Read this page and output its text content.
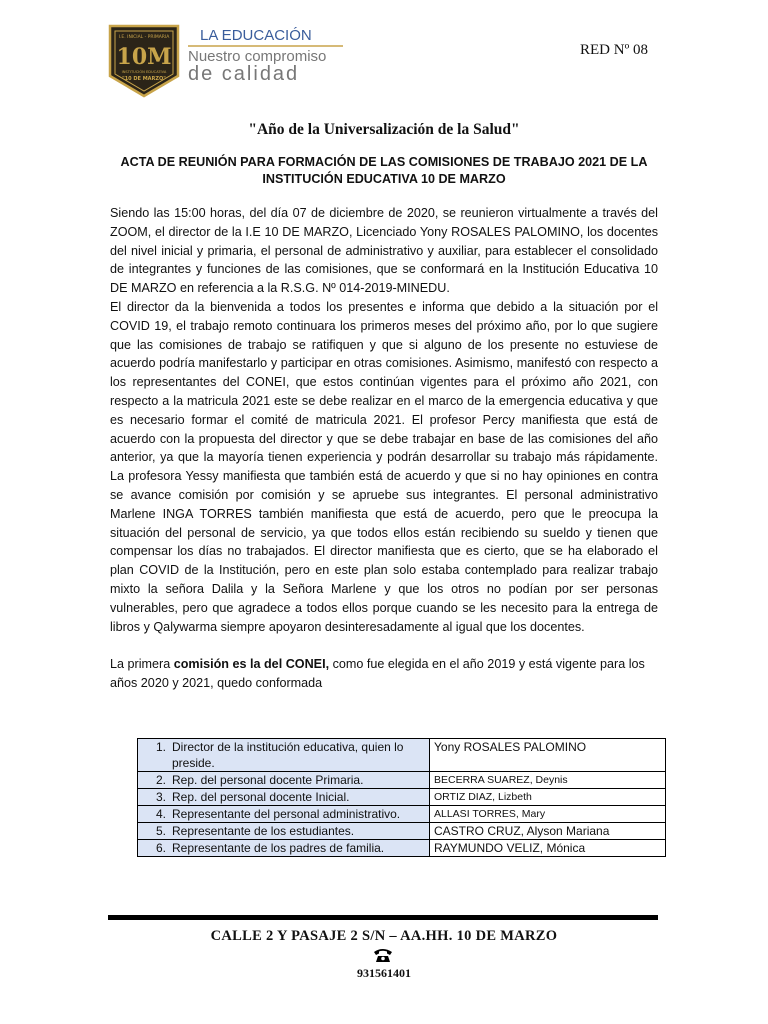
I.E. INICIAL - PRIMARIA
10M
INSTITUCIÓN EDUCATIVA
"10 DE MARZO"
LA EDUCACIÓN
Nuestro compromiso
de calidad
RED Nº 08
"Año de la Universalización de la Salud"
ACTA DE REUNIÓN PARA FORMACIÓN DE LAS COMISIONES DE TRABAJO 2021 DE LA INSTITUCIÓN EDUCATIVA 10 DE MARZO

Siendo las 15:00 horas, del día 07 de diciembre de 2020, se reunieron virtualmente a través del ZOOM, el director de la I.E 10 DE MARZO, Licenciado Yony ROSALES PALOMINO, los docentes del nivel inicial y primaria, el personal de administrativo y auxiliar, para establecer el consolidado de integrantes y funciones de las comisiones, que se conformará en la Institución Educativa 10 DE MARZO en referencia a la R.S.G. Nº 014-2019-MINEDU.

El director da la bienvenida a todos los presentes e informa que debido a la situación por el COVID 19, el trabajo remoto continuara los primeros meses del próximo año, por lo que sugiere que las comisiones de trabajo se ratifiquen y que si alguno de los presente no estuviese de acuerdo podría manifestarlo y participar en otras comisiones. Asimismo, manifestó con respecto a los representantes del CONEI, que estos continúan vigentes para el próximo año 2021, con respecto a la matricula 2021 este se debe realizar en el marco de la emergencia educativa y que es necesario formar el comité de matricula 2021. El profesor Percy manifiesta que está de acuerdo con la propuesta del director y que se debe trabajar en base de las comisiones del año anterior, ya que la mayoría tienen experiencia y podrán desarrollar su trabajo más rápidamente. La profesora Yessy manifiesta que también está de acuerdo y que si no hay opiniones en contra se avance comisión por comisión y se apruebe sus integrantes. El personal administrativo Marlene INGA TORRES también manifiesta que está de acuerdo, pero que le preocupa la situación del personal de servicio, ya que todos ellos están recibiendo su sueldo y tienen que compensar los días no trabajados. El director manifiesta que es cierto, que se ha elaborado el plan COVID de la Institución, pero en este plan solo estaba contemplado para realizar trabajo mixto la señora Dalila y la Señora Marlene y que los otros no podían por ser personas vulnerables, pero que agradece a todos ellos porque cuando se les necesito para la entrega de libros y Qalywarma siempre apoyaron desinteresadamente al igual que los docentes.

La primera comisión es la del CONEI, como fue elegida en el año 2019 y está vigente para los años 2020 y 2021, quedo conformada

1. Director de la institución educativa, quien lo preside.	Yony ROSALES PALOMINO
2. Rep. del personal docente Primaria.	BECERRA SUAREZ, Deynis
3. Rep. del personal docente Inicial.	ORTIZ DIAZ, Lizbeth
4. Representante del personal administrativo.	ALLASI TORRES, Mary
5. Representante de los estudiantes.	CASTRO CRUZ, Alyson Mariana
6. Representante de los padres de familia.	RAYMUNDO VELIZ, Mónica
CALLE 2 Y PASAJE 2 S/N – AA.HH. 10 DE MARZO
931561401
